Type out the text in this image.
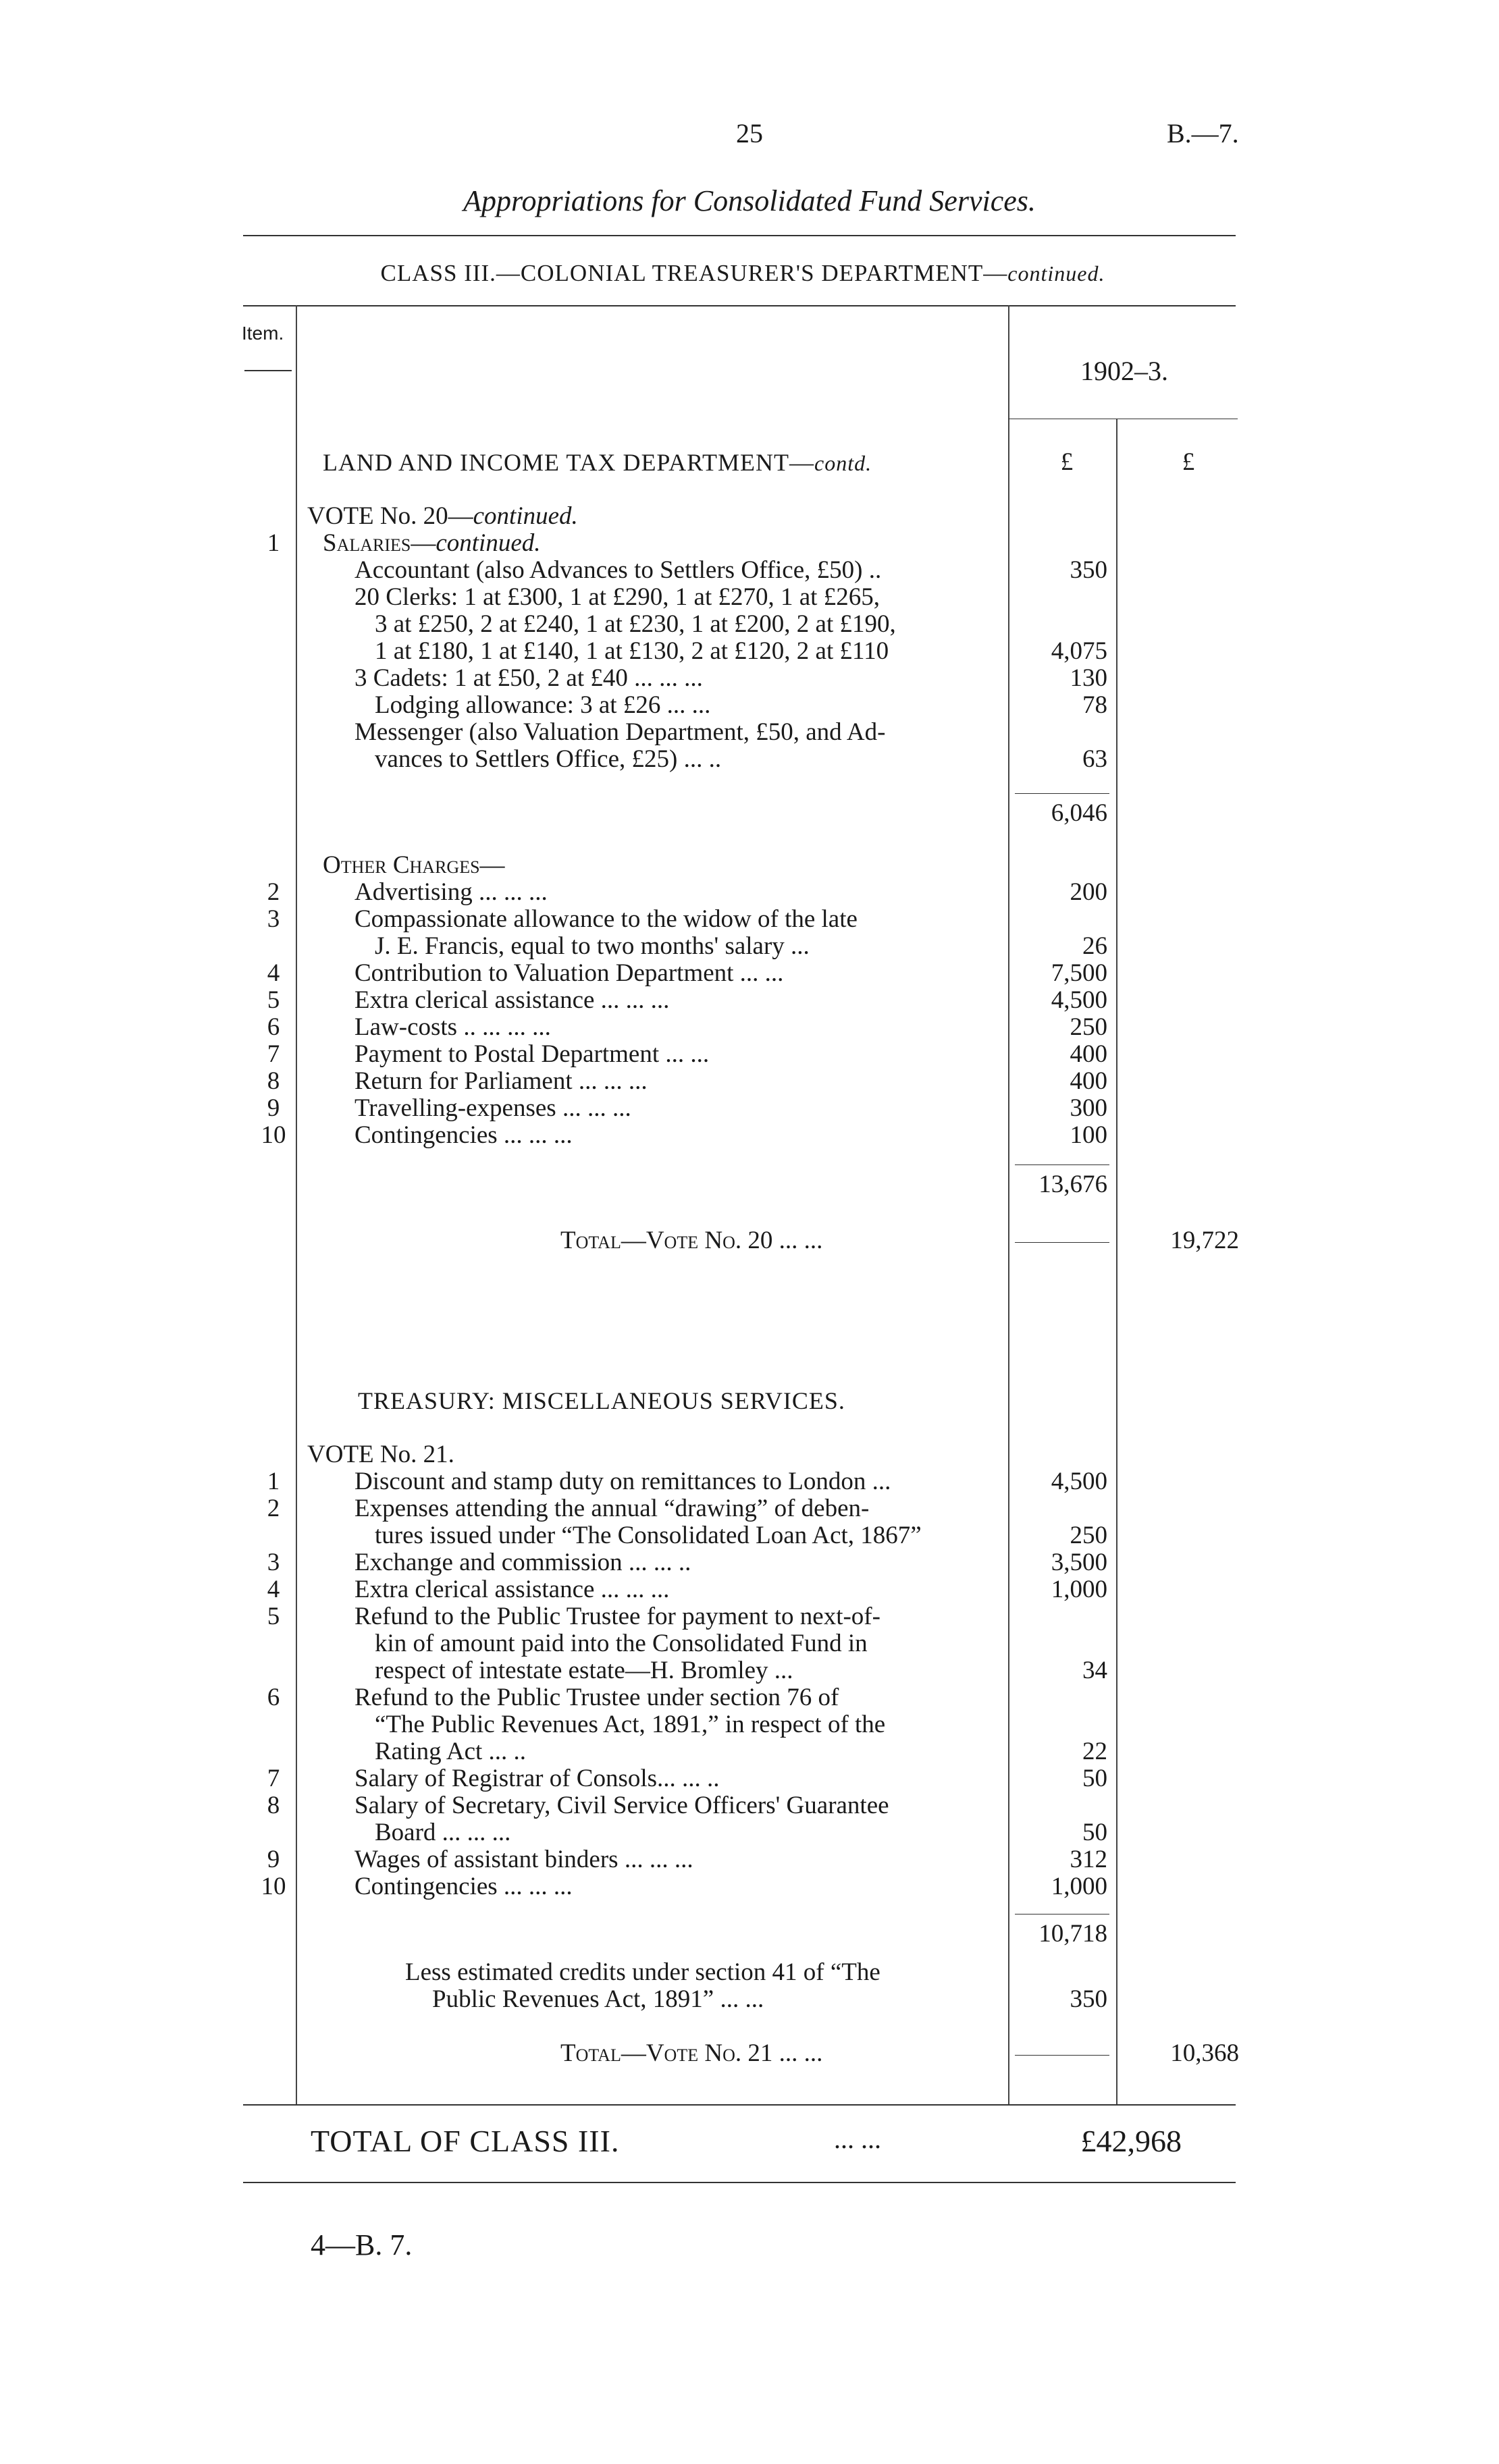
25	B.—7.
Appropriations for Consolidated Fund Services.
CLASS III.—COLONIAL TREASURER'S DEPARTMENT—continued.
Item.
1902–3.
LAND AND INCOME TAX DEPARTMENT—contd.	£	£
VOTE No. 20—continued.
1	Salaries—continued.
Accountant (also Advances to Settlers Office, £50) ..	350
20 Clerks: 1 at £300, 1 at £290, 1 at £270, 1 at £265,
3 at £250, 2 at £240, 1 at £230, 1 at £200, 2 at £190,
1 at £180, 1 at £140, 1 at £130, 2 at £120, 2 at £110	4,075
3 Cadets: 1 at £50, 2 at £40 ... ... ...	130
Lodging allowance: 3 at £26 ... ...	78
Messenger (also Valuation Department, £50, and Ad-
vances to Settlers Office, £25) ... ..	63
6,046
Other Charges—
2	Advertising ... ... ...	200
3	Compassionate allowance to the widow of the late
J. E. Francis, equal to two months' salary ...	26
4	Contribution to Valuation Department ... ...	7,500
5	Extra clerical assistance ... ... ...	4,500
6	Law-costs .. ... ... ...	250
7	Payment to Postal Department ... ...	400
8	Return for Parliament ... ... ...	400
9	Travelling-expenses ... ... ...	300
10	Contingencies ... ... ...	100
13,676
Total—Vote No. 20 ... ...	19,722
TREASURY: MISCELLANEOUS SERVICES.
VOTE No. 21.
1	Discount and stamp duty on remittances to London ...	4,500
2	Expenses attending the annual “drawing” of deben-
tures issued under “The Consolidated Loan Act, 1867”	250
3	Exchange and commission ... ... ..	3,500
4	Extra clerical assistance ... ... ...	1,000
5	Refund to the Public Trustee for payment to next-of-
kin of amount paid into the Consolidated Fund in
respect of intestate estate—H. Bromley ...	34
6	Refund to the Public Trustee under section 76 of
“The Public Revenues Act, 1891,” in respect of the
Rating Act ... ..	22
7	Salary of Registrar of Consols... ... ..	50
8	Salary of Secretary, Civil Service Officers' Guarantee
Board ... ... ...	50
9	Wages of assistant binders ... ... ...	312
10	Contingencies ... ... ...	1,000
10,718
Less estimated credits under section 41 of “The
Public Revenues Act, 1891” ... ...	350
Total—Vote No. 21 ... ...	10,368
TOTAL OF CLASS III.	... ...	£42,968
4—B. 7.
